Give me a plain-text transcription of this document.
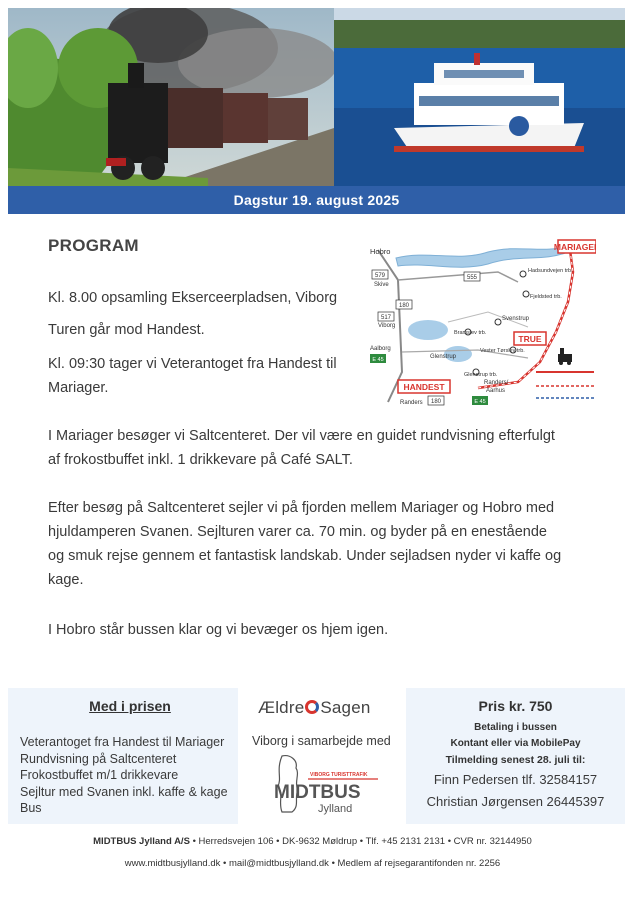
Dagstur 19. august 2025
PROGRAM
Kl. 8.00 opsamling Ekserceerpladsen, Viborg
Turen går mod Handest.
Kl. 09:30 tager vi Veterantoget fra Handest til
Mariager.
MARIAGER
TRUE
HANDEST
Hobro
579
Skive
555
180
517
Viborg
Aalborg
E 45
Randers 180	E 45
Randers/
Aarhus
Glenstrup
Svenstrup
Vester Tørslev trb.
Glenstrup trb.
Bramslev trb.
Hadsundvejen trb.
Fjeldsted trb.
I Mariager besøger vi Saltcenteret. Der vil være en guidet rundvisning efterfulgt
af frokostbuffet inkl. 1 drikkevare på Café SALT.
Efter besøg på Saltcenteret sejler vi på fjorden mellem Mariager og Hobro med
hjuldamperen Svanen. Sejlturen varer ca. 70 min. og byder på en enestående
og smuk rejse gennem et fantastisk landskab. Under sejladsen nyder vi kaffe og
kage.
I Hobro står bussen klar og vi bevæger os hjem igen.
Med i prisen
Veterantoget fra Handest til Mariager
Rundvisning på Saltcenteret
Frokostbuffet m/1 drikkevare
Sejltur med Svanen inkl. kaffe & kage
Bus
Ældre Sagen
Viborg i samarbejde med
VIBORG TURISTTRAFIK
MIDTBUS
Jylland
Pris kr. 750
Betaling i bussen
Kontant eller via MobilePay
Tilmelding senest 28. juli til:
Finn Pedersen tlf. 32584157
Christian Jørgensen 26445397
MIDTBUS Jylland A/S • Herredsvejen 106 • DK-9632 Møldrup • Tlf. +45 2131 2131 • CVR nr. 32144950
www.midtbusjylland.dk • mail@midtbusjylland.dk • Medlem af rejsegarantifonden nr. 2256
